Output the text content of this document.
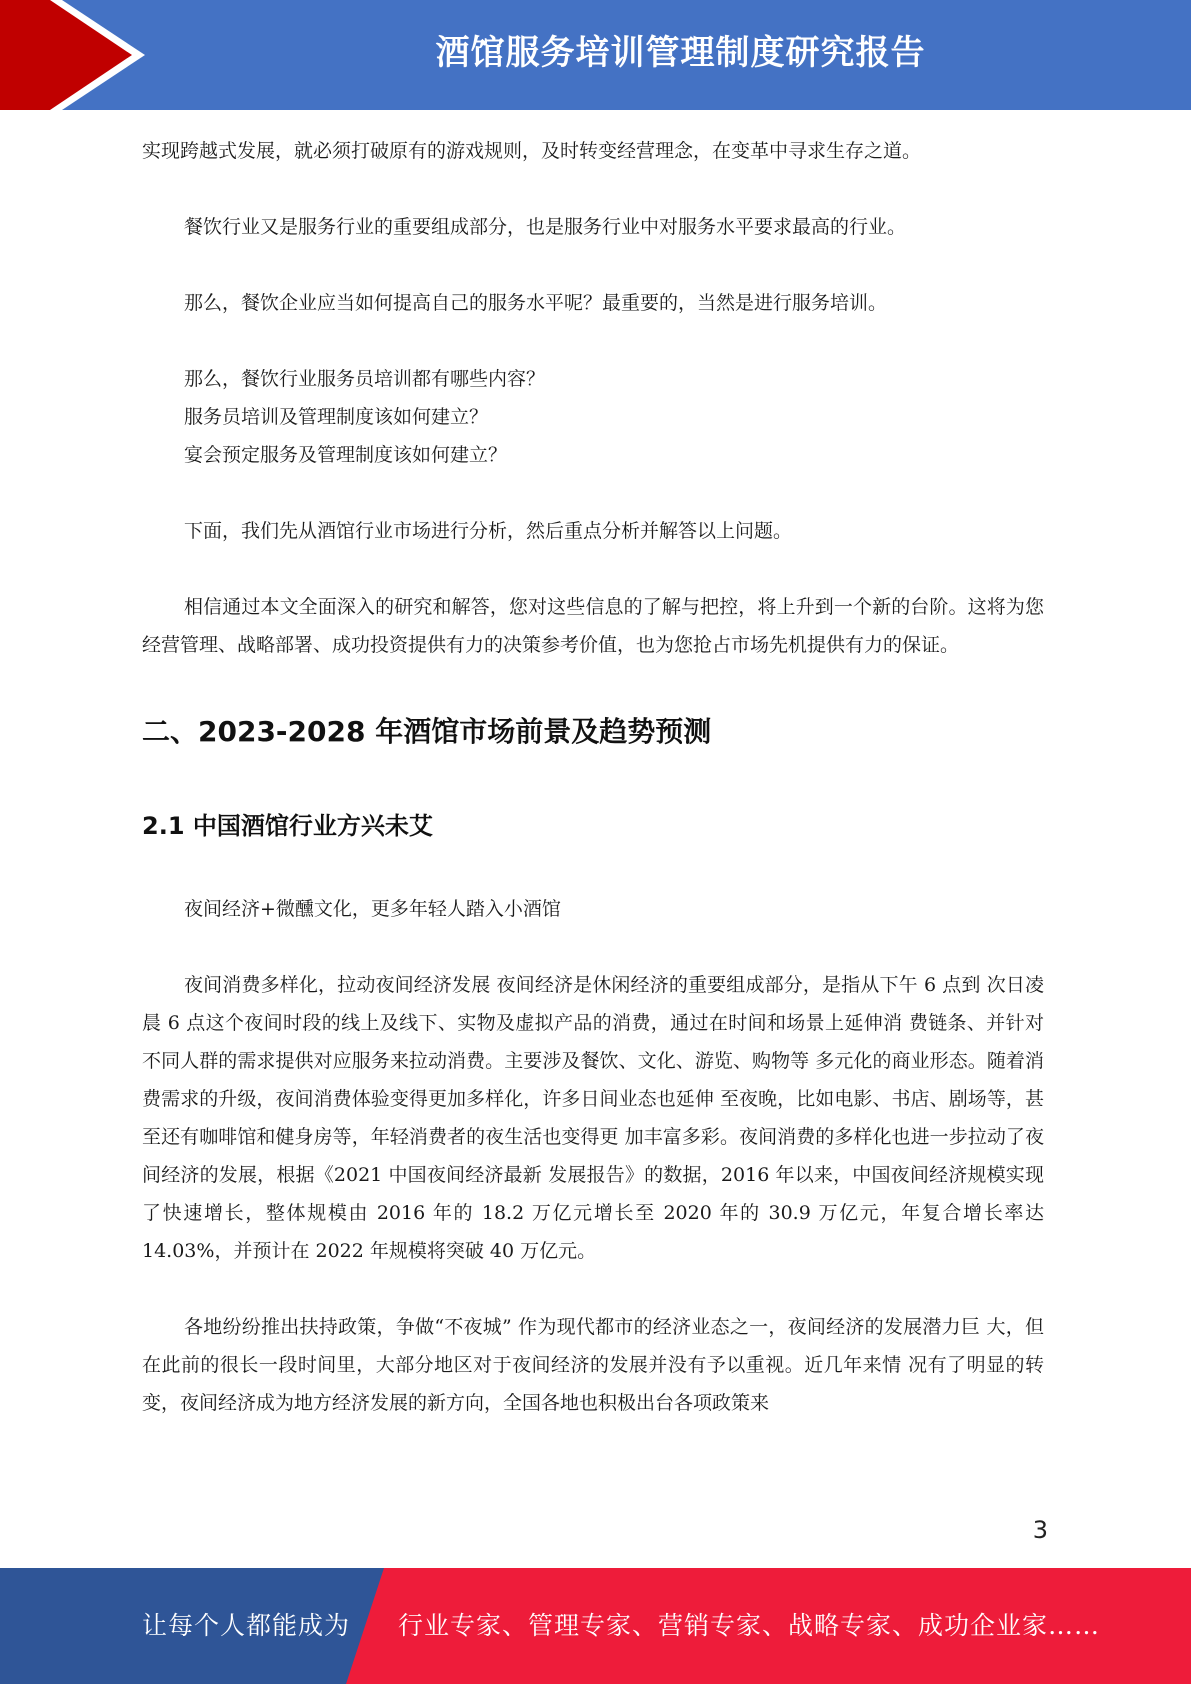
酒馆服务培训管理制度研究报告

实现跨越式发展，就必须打破原有的游戏规则，及时转变经营理念，在变革中寻求生存之道。

餐饮行业又是服务行业的重要组成部分，也是服务行业中对服务水平要求最高的行业。

那么，餐饮企业应当如何提高自己的服务水平呢？最重要的，当然是进行服务培训。

那么，餐饮行业服务员培训都有哪些内容？

服务员培训及管理制度该如何建立？

宴会预定服务及管理制度该如何建立？

下面，我们先从酒馆行业市场进行分析，然后重点分析并解答以上问题。

相信通过本文全面深入的研究和解答，您对这些信息的了解与把控，将上升到一个新的台阶。这将为您经营管理、战略部署、成功投资提供有力的决策参考价值，也为您抢占市场先机提供有力的保证。

二、2023-2028 年酒馆市场前景及趋势预测
2.1 中国酒馆行业方兴未艾

夜间经济+微醺文化，更多年轻人踏入小酒馆

夜间消费多样化，拉动夜间经济发展 夜间经济是休闲经济的重要组成部分，是指从下午 6 点到 次日凌晨 6 点这个夜间时段的线上及线下、实物及虚拟产品的消费，通过在时间和场景上延伸消 费链条、并针对不同人群的需求提供对应服务来拉动消费。主要涉及餐饮、文化、游览、购物等 多元化的商业形态。随着消费需求的升级，夜间消费体验变得更加多样化，许多日间业态也延伸 至夜晚，比如电影、书店、剧场等，甚至还有咖啡馆和健身房等，年轻消费者的夜生活也变得更 加丰富多彩。夜间消费的多样化也进一步拉动了夜间经济的发展，根据《2021 中国夜间经济最新 发展报告》的数据，2016 年以来，中国夜间经济规模实现了快速增长，整体规模由 2016 年的 18.2 万亿元增长至 2020 年的 30.9 万亿元，年复合增长率达 14.03%，并预计在 2022 年规模将突破 40 万亿元。

各地纷纷推出扶持政策，争做“不夜城” 作为现代都市的经济业态之一，夜间经济的发展潜力巨 大，但在此前的很长一段时间里，大部分地区对于夜间经济的发展并没有予以重视。近几年来情 况有了明显的转变，夜间经济成为地方经济发展的新方向，全国各地也积极出台各项政策来

3
让每个人都能成为 行业专家、管理专家、营销专家、战略专家、成功企业家……
